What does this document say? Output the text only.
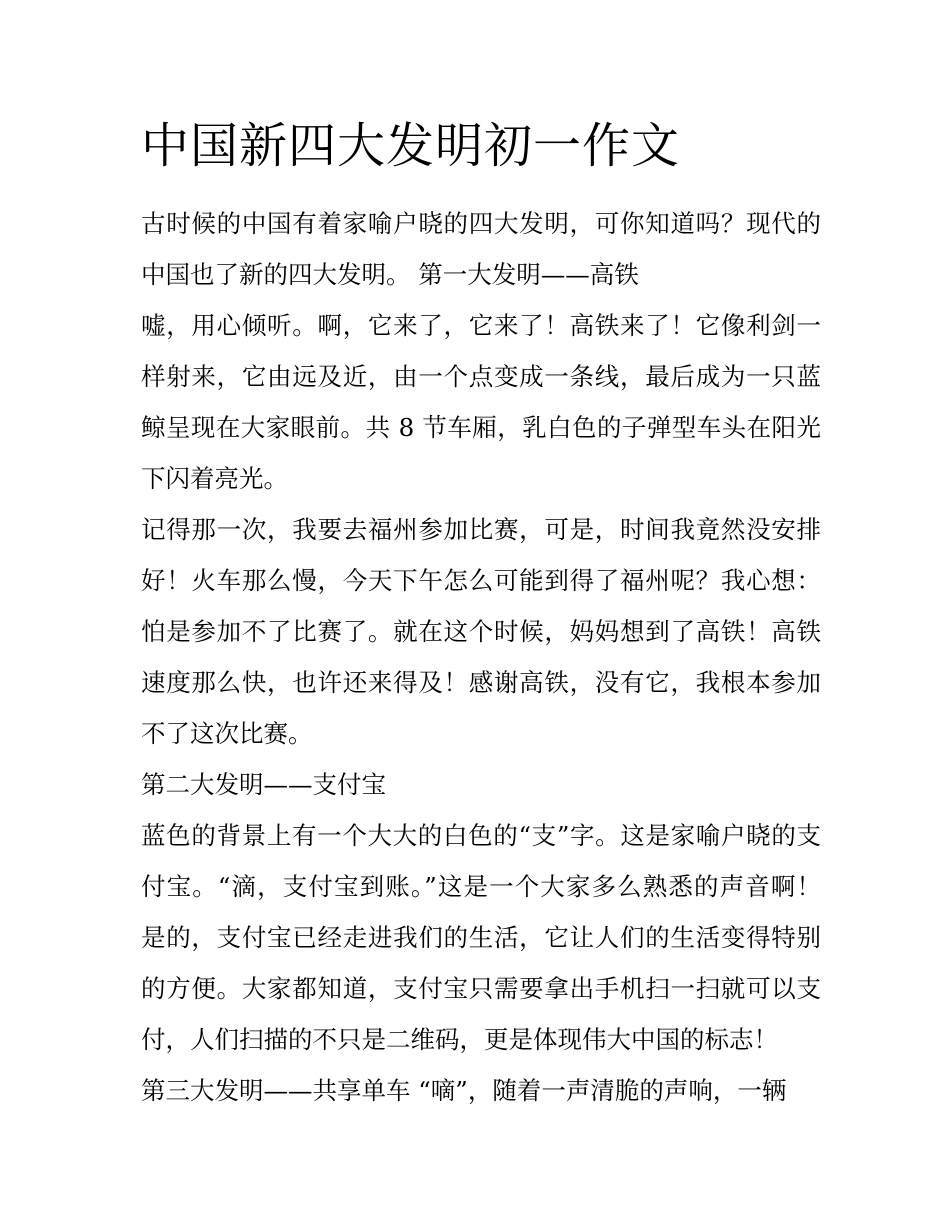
中国新四大发明初一作文
古时候的中国有着家喻户晓的四大发明，可你知道吗？现代的
中国也了新的四大发明。 第一大发明——高铁
嘘，用心倾听。啊，它来了，它来了！高铁来了！它像利剑一
样射来，它由远及近，由一个点变成一条线，最后成为一只蓝
鲸呈现在大家眼前。共 8 节车厢，乳白色的子弹型车头在阳光
下闪着亮光。
记得那一次，我要去福州参加比赛，可是，时间我竟然没安排
好！火车那么慢，今天下午怎么可能到得了福州呢？我心想：
怕是参加不了比赛了。就在这个时候，妈妈想到了高铁！高铁
速度那么快，也许还来得及！感谢高铁，没有它，我根本参加
不了这次比赛。
第二大发明——支付宝
蓝色的背景上有一个大大的白色的“支”字。这是家喻户晓的支
付宝。“滴，支付宝到账。”这是一个大家多么熟悉的声音啊！
是的，支付宝已经走进我们的生活，它让人们的生活变得特别
的方便。大家都知道，支付宝只需要拿出手机扫一扫就可以支
付，人们扫描的不只是二维码，更是体现伟大中国的标志！
第三大发明——共享单车 “嘀”，随着一声清脆的声响，一辆
